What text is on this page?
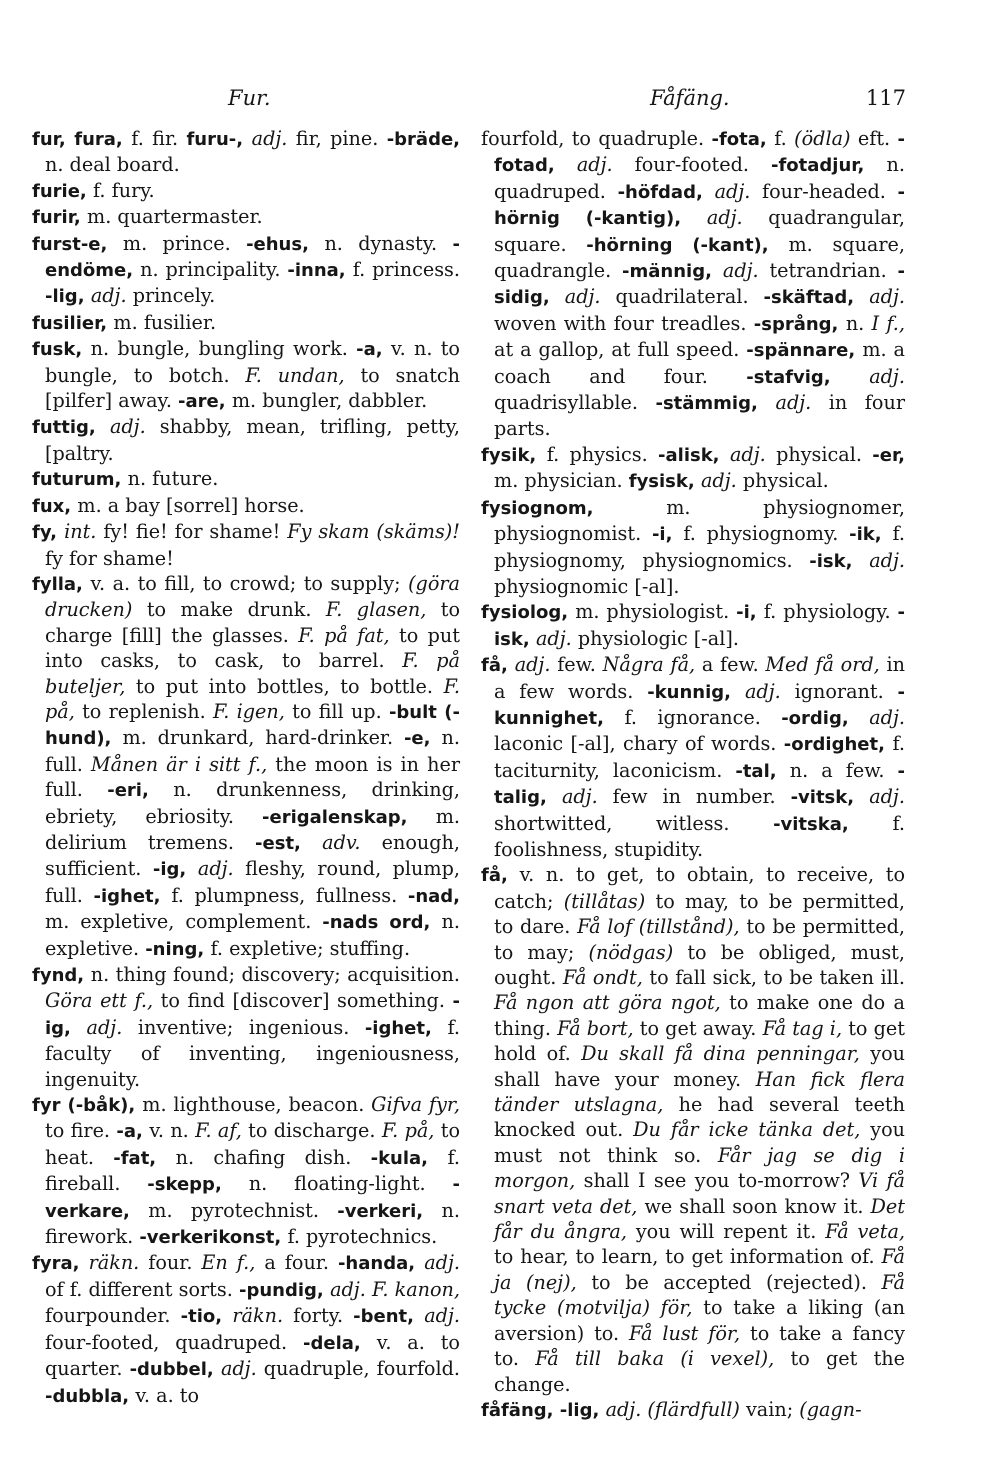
Fur.	Fåfäng.	117
fur, fura, f. fir. furu-, adj. fir, pine. -bräde, n. deal board.
furie, f. fury.
furir, m. quartermaster.
furst-e, m. prince. -ehus, n. dynasty. -endöme, n. principality. -inna, f. princess. -lig, adj. princely.
fusilier, m. fusilier.
fusk, n. bungle, bungling work. -a, v. n. to bungle, to botch. F. undan, to snatch [pilfer] away. -are, m. bungler, dabbler.
futtig, adj. shabby, mean, trifling, petty, [paltry.
futurum, n. future.
fux, m. a bay [sorrel] horse.
fy, int. fy! fie! for shame! Fy skam (skäms)! fy for shame!
fylla, v. a. to fill, to crowd; to supply; (göra drucken) to make drunk. F. glasen, to charge [fill] the glasses. F. på fat, to put into casks, to cask, to barrel. F. på buteljer, to put into bottles, to bottle. F. på, to replenish. F. igen, to fill up. -bult (-hund), m. drunkard, hard-drinker. -e, n. full. Månen är i sitt f., the moon is in her full. -eri, n. drunkenness, drinking, ebriety, ebriosity. -erigalenskap, m. delirium tremens. -est, adv. enough, sufficient. -ig, adj. fleshy, round, plump, full. -ighet, f. plumpness, fullness. -nad, m. expletive, complement. -nads ord, n. expletive. -ning, f. expletive; stuffing.
fynd, n. thing found; discovery; acquisition. Göra ett f., to find [discover] something. -ig, adj. inventive; ingenious. -ighet, f. faculty of inventing, ingeniousness, ingenuity.
fyr (-båk), m. lighthouse, beacon. Gifva fyr, to fire. -a, v. n. F. af, to discharge. F. på, to heat. -fat, n. chafing dish. -kula, f. fireball. -skepp, n. floating-light. -verkare, m. pyrotechnist. -verkeri, n. firework. -verkerikonst, f. pyrotechnics.
fyra, räkn. four. En f., a four. -handa, adj. of f. different sorts. -pundig, adj. F. kanon, fourpounder. -tio, räkn. forty. -bent, adj. four-footed, quadruped. -dela, v. a. to quarter. -dubbel, adj. quadruple, fourfold. -dubbla, v. a. to
fourfold, to quadruple. -fota, f. (ödla) eft. -fotad, adj. four-footed. -fotadjur, n. quadruped. -höfdad, adj. four-headed. -hörnig (-kantig), adj. quadrangular, square. -hörning (-kant), m. square, quadrangle. -männig, adj. tetrandrian. -sidig, adj. quadrilateral. -skäftad, adj. woven with four treadles. -språng, n. I f., at a gallop, at full speed. -spännare, m. a coach and four. -stafvig, adj. quadrisyllable. -stämmig, adj. in four parts.
fysik, f. physics. -alisk, adj. physical. -er, m. physician. fysisk, adj. physical.
fysiognom, m. physiognomer, physiognomist. -i, f. physiognomy. -ik, f. physiognomy, physiognomics. -isk, adj. physiognomic [-al].
fysiolog, m. physiologist. -i, f. physiology. -isk, adj. physiologic [-al].
få, adj. few. Några få, a few. Med få ord, in a few words. -kunnig, adj. ignorant. -kunnighet, f. ignorance. -ordig, adj. laconic [-al], chary of words. -ordighet, f. taciturnity, laconicism. -tal, n. a few. -talig, adj. few in number. -vitsk, adj. shortwitted, witless. -vitska, f. foolishness, stupidity.
få, v. n. to get, to obtain, to receive, to catch; (tillåtas) to may, to be permitted, to dare. Få lof (tillstånd), to be permitted, to may; (nödgas) to be obliged, must, ought. Få ondt, to fall sick, to be taken ill. Få ngon att göra ngot, to make one do a thing. Få bort, to get away. Få tag i, to get hold of. Du skall få dina penningar, you shall have your money. Han fick flera tänder utslagna, he had several teeth knocked out. Du får icke tänka det, you must not think so. Får jag se dig i morgon, shall I see you to-morrow? Vi få snart veta det, we shall soon know it. Det får du ångra, you will repent it. Få veta, to hear, to learn, to get information of. Få ja (nej), to be accepted (rejected). Få tycke (motvilja) för, to take a liking (an aversion) to. Få lust för, to take a fancy to. Få till baka (i vexel), to get the change.
fåfäng, -lig, adj. (flärdfull) vain; (gagn-
